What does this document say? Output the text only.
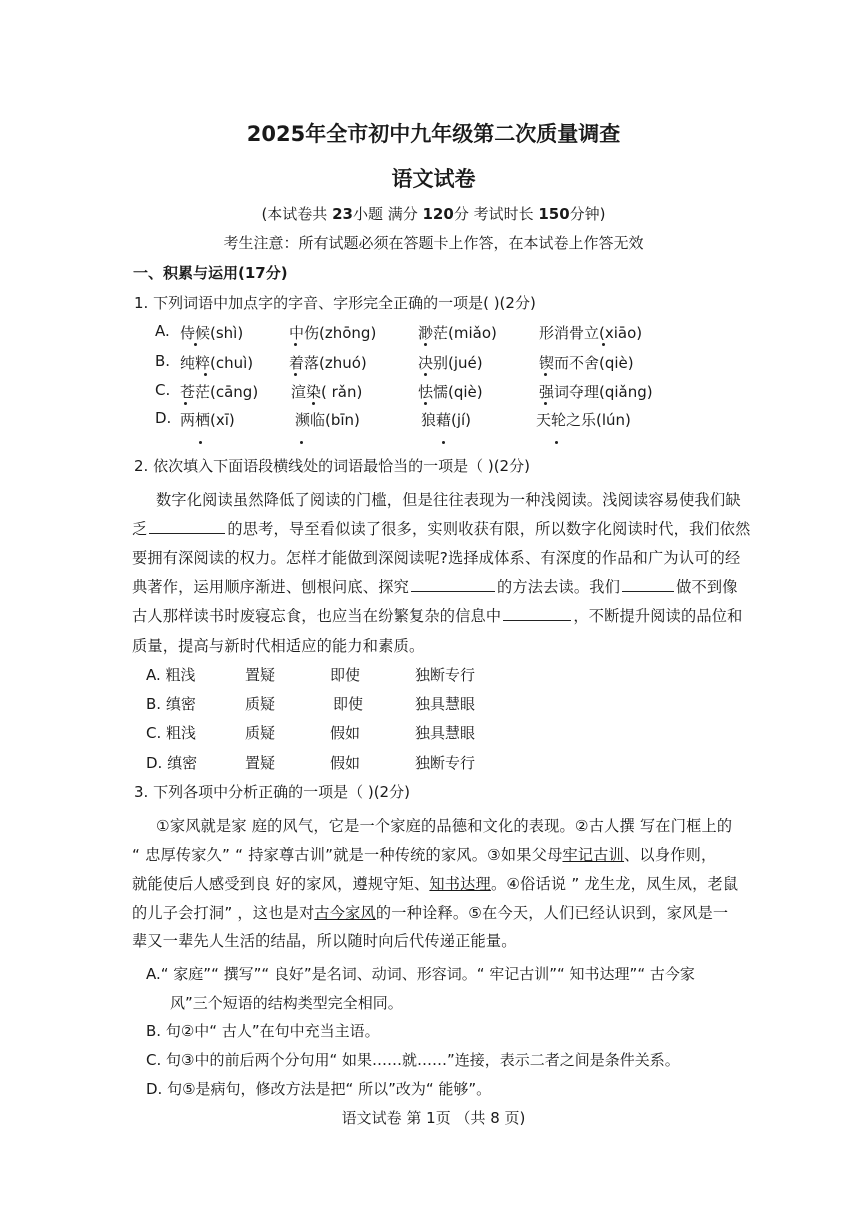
2025年全市初中九年级第二次质量调查
语文试卷
(本试卷共 23小题 满分 120分 考试时长 150分钟)
考生注意：所有试题必须在答题卡上作答，在本试卷上作答无效
一、积累与运用(17分)
1. 下列词语中加点字的字音、字形完全正确的一项是( )(2分)
A. 侍候(shì)	中伤(zhōng)	渺茫(miǎo)	形消骨立(xiāo)
B. 纯粹(chuì) 着落(zhuó)	决别(jué)	锲而不舍(qiè)
C. 苍茫(cāng) 渲染( rǎn)	怯懦(qiè)	强词夺理(qiǎng)
D. 两栖(xī)	濒临(bīn)	狼藉(jí)	天轮之乐(lún)
2. 依次填入下面语段横线处的词语最恰当的一项是（ )(2分)
数字化阅读虽然降低了阅读的门槛，但是往往表现为一种浅阅读。浅阅读容易使我们缺
乏	的思考，导至看似读了很多，实则收获有限，所以数字化阅读时代，我们依然
要拥有深阅读的权力。怎样才能做到深阅读呢?选择成体系、有深度的作品和广为认可的经
典著作，运用顺序渐进、刨根问底、探究	的方法去读。我们	做不到像
古人那样读书时废寝忘食，也应当在纷繁复杂的信息中	，不断提升阅读的品位和
质量，提高与新时代相适应的能力和素质。
A. 粗浅	置疑	即使	独断专行
B. 缜密	质疑	即使	独具慧眼
C. 粗浅	质疑	假如	独具慧眼
D. 缜密	置疑	假如	独断专行
3. 下列各项中分析正确的一项是（ )(2分)
①家风就是家 庭的风气，它是一个家庭的品德和文化的表现。②古人撰 写在门框上的
“ 忠厚传家久” “ 持家尊古训”就是一种传统的家风。③如果父母牢记古训、以身作则，
就能使后人感受到良 好的家风，遵规守矩、知书达理。④俗话说 ” 龙生龙，凤生凤，老鼠
的儿子会打洞” ，这也是对古今家风的一种诠释。⑤在今天，人们已经认识到，家风是一
辈又一辈先人生活的结晶，所以随时向后代传递正能量。
A.“ 家庭”“ 撰写”“ 良好”是名词、动词、形容词。“ 牢记古训”“ 知书达理”“ 古今家
风”三个短语的结构类型完全相同。
B. 句②中“ 古人”在句中充当主语。
C. 句③中的前后两个分句用“ 如果……就……”连接，表示二者之间是条件关系。
D. 句⑤是病句，修改方法是把“ 所以”改为“ 能够”。
语文试卷 第 1页 （共 8 页)
